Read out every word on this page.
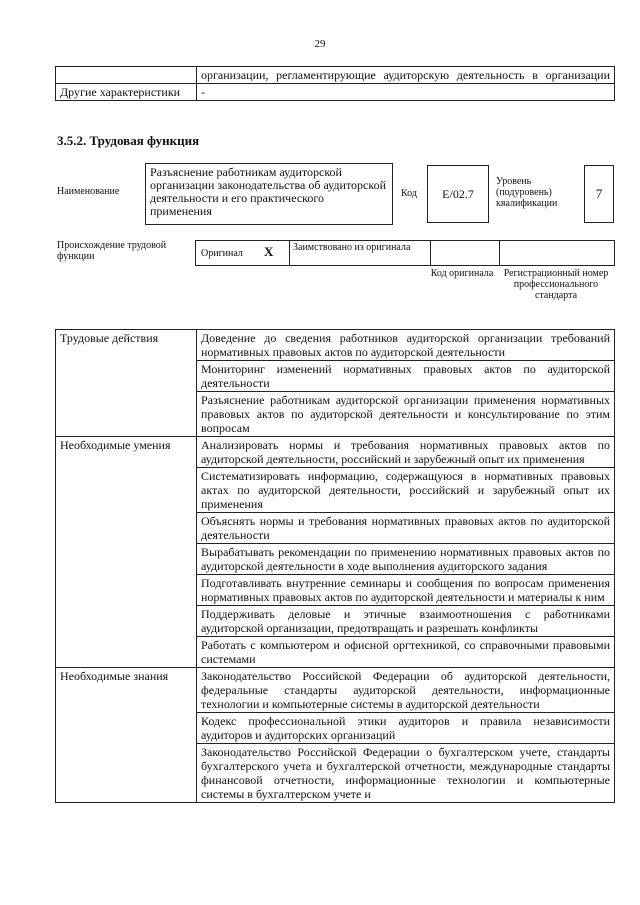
29
	организации, регламентирующие аудиторскую деятельность в организации
Другие характеристики	-
3.5.2. Трудовая функция
Наименование
Разъяснение работникам аудиторской организации законодательства об аудиторской деятельности и его практического применения
Код	E/02.7
Уровень (подуровень) квалификации
7
Происхождение трудовой функции	Оригинал X Заимствовано из оригинала
Код оригинала	Регистрационный номер профессионального стандарта
Трудовые действия	Доведение до сведения работников аудиторской организации требований нормативных правовых актов по аудиторской деятельности
	Мониторинг изменений нормативных правовых актов по аудиторской деятельности
	Разъяснение работникам аудиторской организации применения нормативных правовых актов по аудиторской деятельности и консультирование по этим вопросам
Необходимые умения	Анализировать нормы и требования нормативных правовых актов по аудиторской деятельности, российский и зарубежный опыт их применения
	Систематизировать информацию, содержащуюся в нормативных правовых актах по аудиторской деятельности, российский и зарубежный опыт их применения
	Объяснять нормы и требования нормативных правовых актов по аудиторской деятельности
	Вырабатывать рекомендации по применению нормативных правовых актов по аудиторской деятельности в ходе выполнения аудиторского задания
	Подготавливать внутренние семинары и сообщения по вопросам применения нормативных правовых актов по аудиторской деятельности и материалы к ним
	Поддерживать деловые и этичные взаимоотношения с работниками аудиторской организации, предотвращать и разрешать конфликты
	Работать с компьютером и офисной оргтехникой, со справочными правовыми системами
Необходимые знания	Законодательство Российской Федерации об аудиторской деятельности, федеральные стандарты аудиторской деятельности, информационные технологии и компьютерные системы в аудиторской деятельности
	Кодекс профессиональной этики аудиторов и правила независимости аудиторов и аудиторских организаций
	Законодательство Российской Федерации о бухгалтерском учете, стандарты бухгалтерского учета и бухгалтерской отчетности, международные стандарты финансовой отчетности, информационные технологии и компьютерные системы в бухгалтерском учете и
